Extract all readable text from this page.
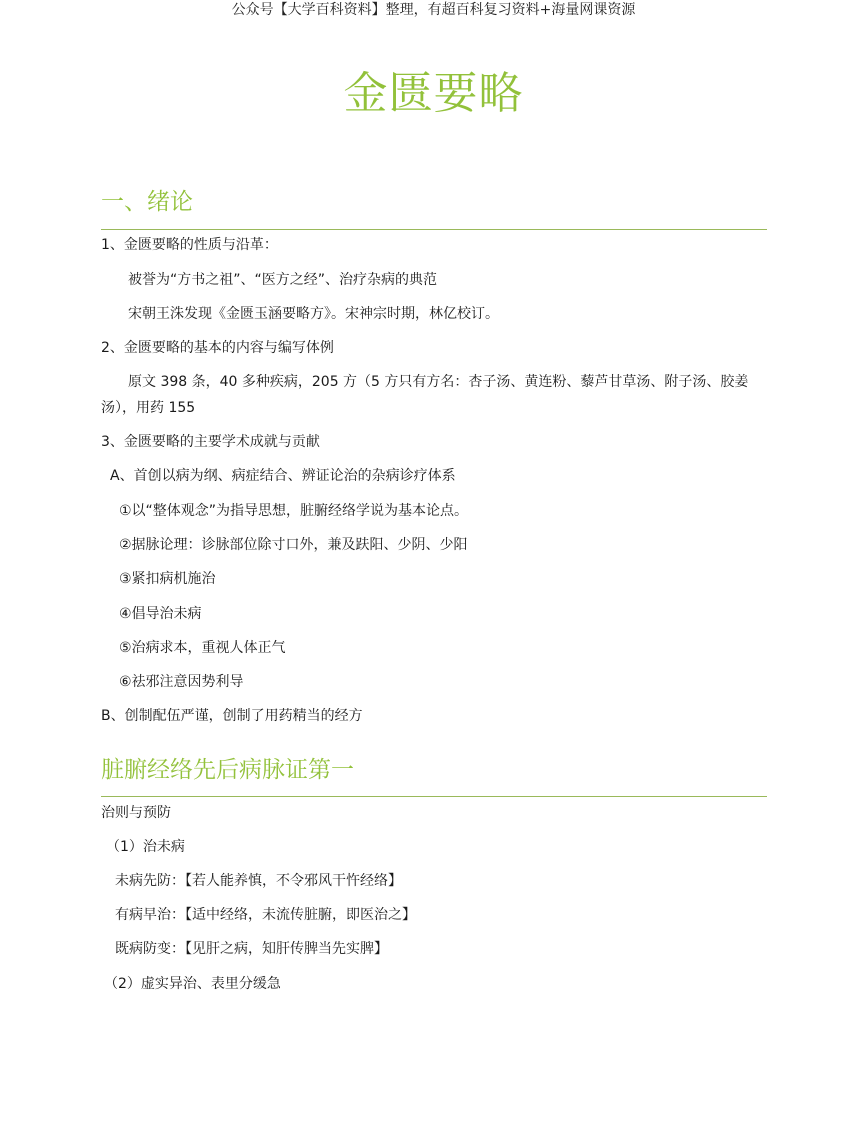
公众号【大学百科资料】整理，有超百科复习资料+海量网课资源
金匮要略
一、绪论
1、金匮要略的性质与沿革：
被誉为“方书之祖”、“医方之经”、治疗杂病的典范
宋朝王洙发现《金匮玉涵要略方》。宋神宗时期，林亿校订。
2、金匮要略的基本的内容与编写体例
原文 398 条，40 多种疾病，205 方（5 方只有方名：杏子汤、黄连粉、藜芦甘草汤、附子汤、胶姜汤），用药 155
3、金匮要略的主要学术成就与贡献
A、首创以病为纲、病症结合、辨证论治的杂病诊疗体系
①以“整体观念”为指导思想，脏腑经络学说为基本论点。
②据脉论理：诊脉部位除寸口外，兼及趺阳、少阴、少阳
③紧扣病机施治
④倡导治未病
⑤治病求本，重视人体正气
⑥祛邪注意因势利导
B、创制配伍严谨，创制了用药精当的经方
脏腑经络先后病脉证第一
治则与预防
（1）治未病
未病先防：【若人能养慎，不令邪风干忤经络】
有病早治：【适中经络，未流传脏腑，即医治之】
既病防变：【见肝之病，知肝传脾当先实脾】
（2）虚实异治、表里分缓急
